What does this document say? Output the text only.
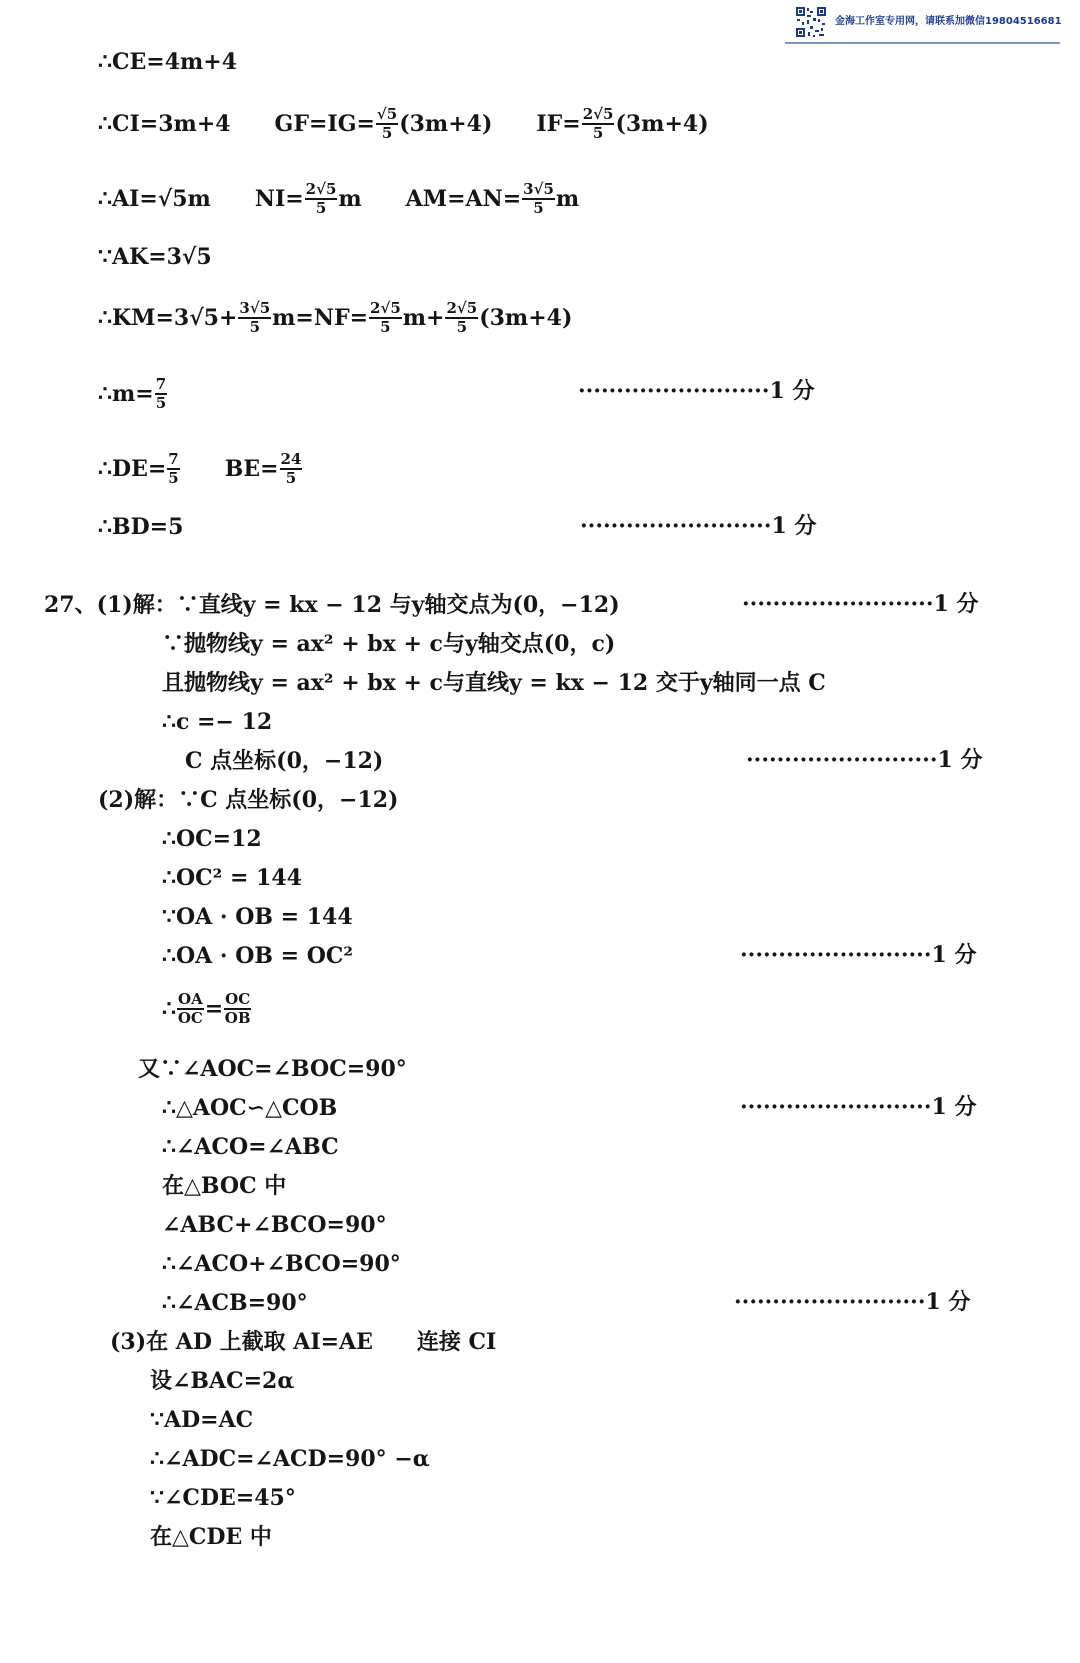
金海工作室专用网，请联系加微信19804516681
∴CE=4m+4
∴CI=3m+4　　$GF=IG= \frac{√5}{5} (3m+4)$　　$IF= \frac{2√5}{5} (3m+4)$
∴AI=√5m　　$NI= \frac{2√5}{5}$ m　　$AM=AN= \frac{3√5}{5}$ m
∵AK=3√5
∴KM=3√5+ $\frac{3√5}{5} m=NF= \frac{2√5}{5} m+ \frac{2√5}{5} (3m+4)$
∴m= $\frac{7}{5}$
∴DE= $\frac{7}{5}$ 　　$BE= \frac{24}{5}$
∴BD=5
27、(1)解：∵直线y = kx − 12 与y轴交点为(0，−12)
∵抛物线y = ax² + bx + c与y轴交点(0，c)
且抛物线y = ax² + bx + c与直线y = kx − 12 交于y轴同一点 C
∴c =− 12
C 点坐标(0，−12)
(2)解：∵C 点坐标(0，−12)
∴OC=12
∴OC² = 144
∵OA · OB = 144
∴OA · OB = OC²
∴ $\frac{OA}{OC} = \frac{OC}{OB}$
又∵∠AOC=∠BOC=90°
∴△AOC∽△COB
∴∠ACO=∠ABC
在△BOC 中
∠ABC+∠BCO=90°
∴∠ACO+∠BCO=90°
∴∠ACB=90°
(3)在 AD 上截取 AI=AE　　连接 CI
设∠BAC=2α
∵AD=AC
∴∠ADC=∠ACD=90° −α
∵∠CDE=45°
在△CDE 中
·························1 分
·························1 分
·························1 分
·························1 分
·························1 分
·························1 分
·························1 分
